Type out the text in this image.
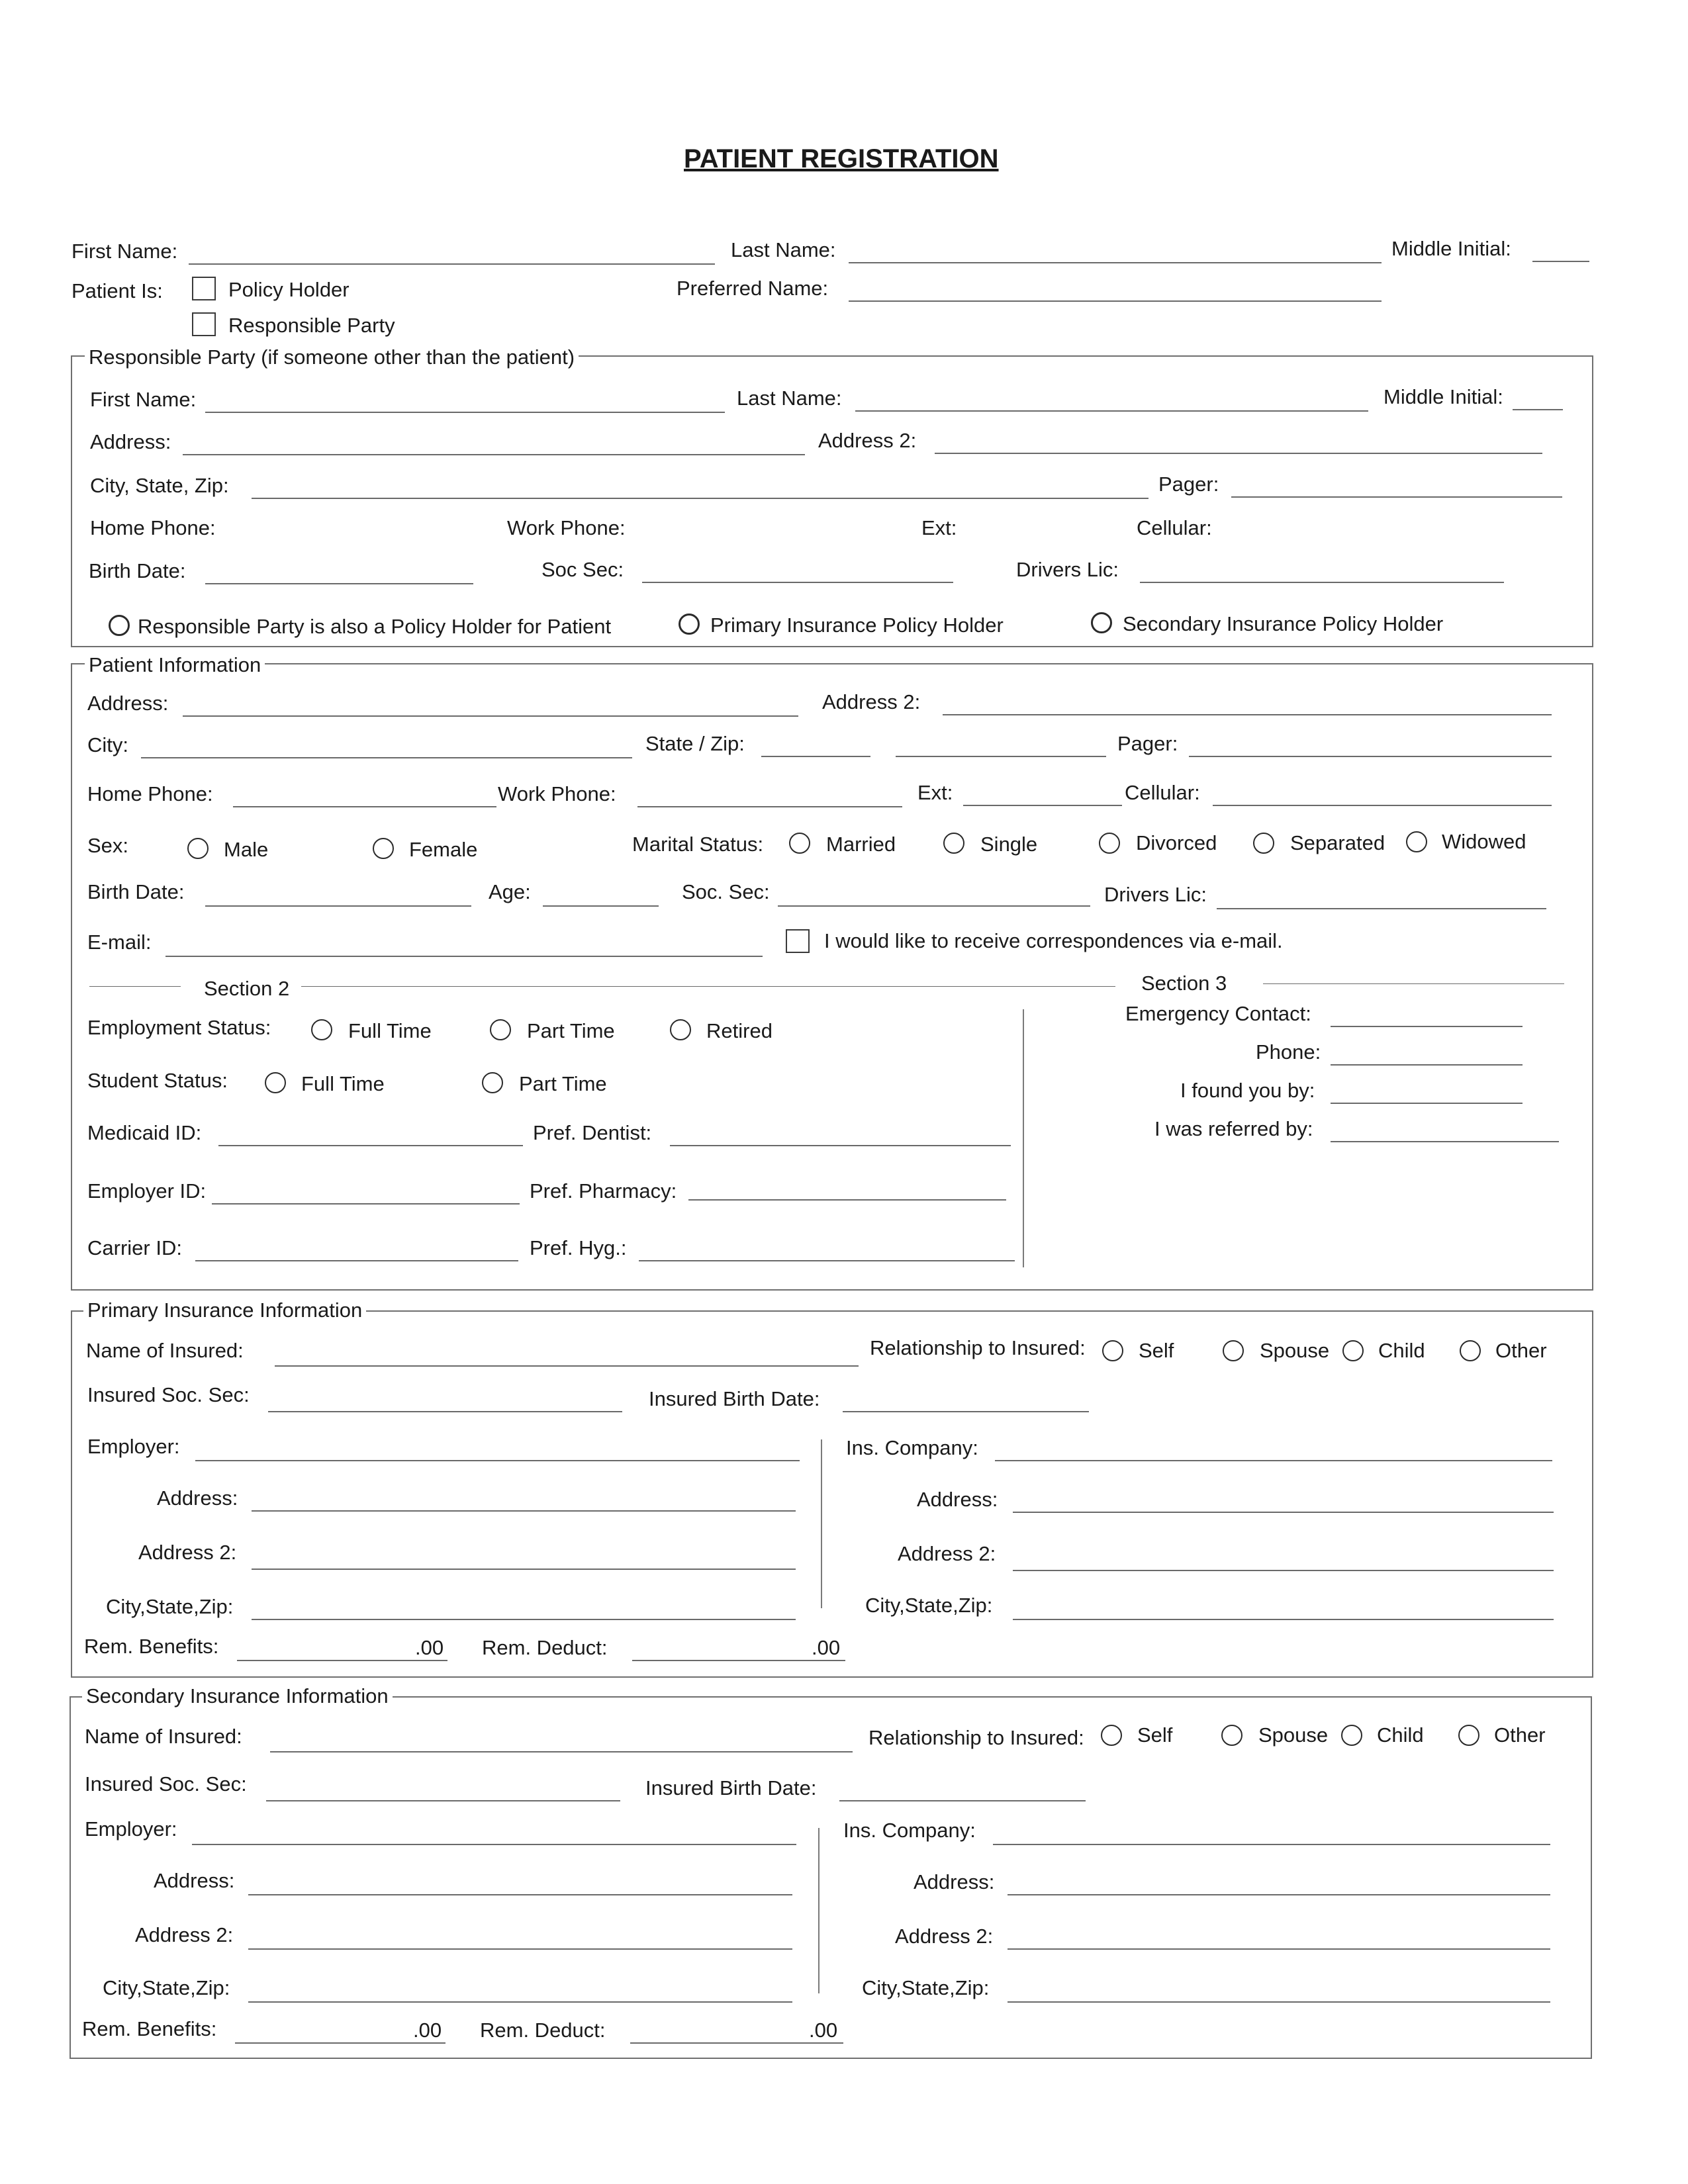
PATIENT REGISTRATION
First Name:	Last Name:	Middle Initial:
Patient Is:	Policy Holder
Responsible Party
Preferred Name:
Responsible Party (if someone other than the patient)
First Name:	Last Name:	Middle Initial:
Address:	Address 2:
City, State, Zip:	Pager:
Home Phone:	Work Phone:	Ext:	Cellular:
Birth Date:	Soc Sec:	Drivers Lic:
Responsible Party is also a Policy Holder for Patient	Primary Insurance Policy Holder	Secondary Insurance Policy Holder
Patient Information
Address:	Address 2:
City:	State / Zip:	Pager:
Home Phone:	Work Phone:	Ext:	Cellular:
Sex:	Male	Female	Marital Status:	Married	Single	Divorced	Separated	Widowed
Birth Date:	Age:	Soc. Sec:	Drivers Lic:
E-mail:	I would like to receive correspondences via e-mail.
Section 2	Section 3
Employment Status:	Full Time	Part Time	Retired
Student Status:	Full Time	Part Time
Medicaid ID:	Pref. Dentist:
Employer ID:	Pref. Pharmacy:
Carrier ID:	Pref. Hyg.:
Emergency Contact:
Phone:
I found you by:
I was referred by:
Primary Insurance Information
Name of Insured:	Relationship to Insured:	Self	Spouse Child	Other
Insured Soc. Sec:	Insured Birth Date:
Employer:	Ins. Company:
Address:	Address:
Address 2:	Address 2:
City,State,Zip:	City,State,Zip:
Rem. Benefits:	.00 Rem. Deduct:	.00
Secondary Insurance Information
Name of Insured:	Relationship to Insured:	Self	Spouse Child	Other
Insured Soc. Sec:	Insured Birth Date:
Employer:	Ins. Company:
Address:	Address:
Address 2:	Address 2:
City,State,Zip:	City,State,Zip:
Rem. Benefits:	.00 Rem. Deduct:	.00
